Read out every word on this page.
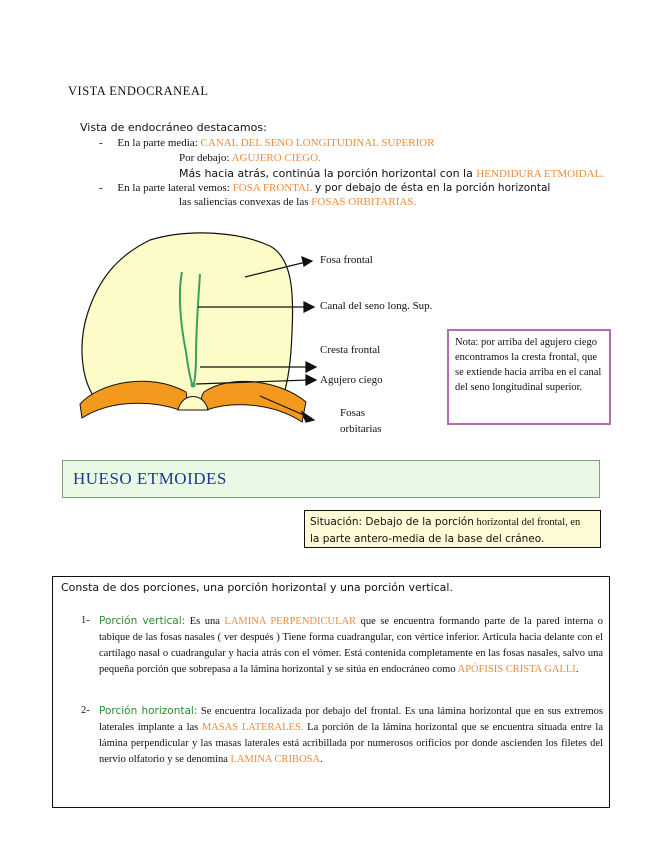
VISTA ENDOCRANEAL
Vista de endocráneo destacamos:
- En la parte media: CANAL DEL SENO LONGITUDINAL SUPERIOR
Por debajo: AGUJERO CIEGO.
Más hacia atrás, continúa la porción horizontal con la HENDIDURA ETMOIDAL.
- En la parte lateral vemos: FOSA FRONTAL y por debajo de ésta en la porción horizontal
las saliencias convexas de las FOSAS ORBITARIAS.
Fosa frontal
Canal del seno long. Sup.
Cresta frontal
Agujero ciego
Fosas
orbitarias
Nota: por arriba del agujero ciego encontramos la cresta frontal, que se extiende hacia arriba en el canal del seno longitudinal superior.
HUESO ETMOIDES
Situación: Debajo de la porción horizontal del frontal, en
la parte antero-media de la base del cráneo.
Consta de dos porciones, una porción horizontal y una porción vertical.
1- Porción vertical: Es una LAMINA PERPENDICULAR que se encuentra formando parte de la pared interna o tabique de las fosas nasales ( ver después ) Tiene forma cuadrangular, con vértice inferior. Articula hacia delante con el cartílago nasal o cuadrangular y hacia atrás con el vómer. Está contenida completamente en las fosas nasales, salvo una pequeña porción que sobrepasa a la lámina horizontal y se sitúa en endocráneo como APÓFISIS CRISTA GALLI.
2- Porción horizontal: Se encuentra localizada por debajo del frontal. Es una lámina horizontal que en sus extremos laterales implante a las MASAS LATERALES. La porción de la lámina horizontal que se encuentra situada entre la lámina perpendicular y las masas laterales está acribillada por numerosos orificios por donde ascienden los filetes del nervio olfatorio y se denomina LAMINA CRIBOSA.
